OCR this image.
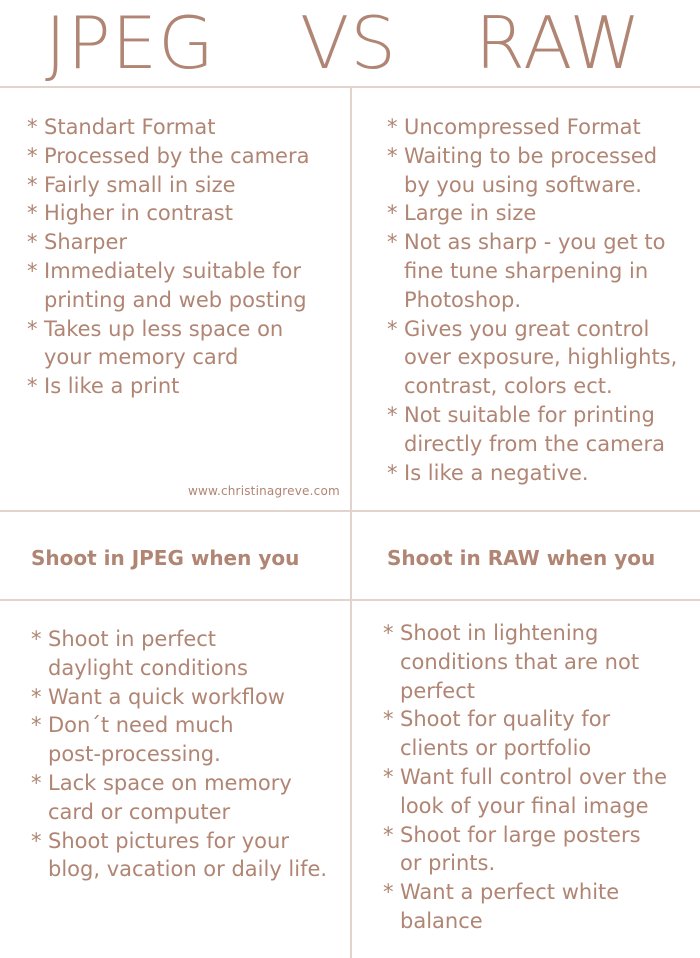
JPEG VS RAW
* Standart Format
* Processed by the camera
* Fairly small in size
* Higher in contrast
* Sharper
* Immediately suitable for
printing and web posting
* Takes up less space on
your memory card
* Is like a print
* Uncompressed Format
* Waiting to be processed
by you using software.
* Large in size
* Not as sharp - you get to
fine tune sharpening in
Photoshop.
* Gives you great control
over exposure, highlights,
contrast, colors ect.
* Not suitable for printing
directly from the camera
* Is like a negative.

www.christinagreve.com

Shoot in JPEG when you	Shoot in RAW when you
* Shoot in perfect
daylight conditions
* Want a quick workflow
* Don´t need much
post-processing.
* Lack space on memory
card or computer
* Shoot pictures for your
blog, vacation or daily life.
* Shoot in lightening
conditions that are not
perfect
* Shoot for quality for
clients or portfolio
* Want full control over the
look of your final image
* Shoot for large posters
or prints.
* Want a perfect white
balance
